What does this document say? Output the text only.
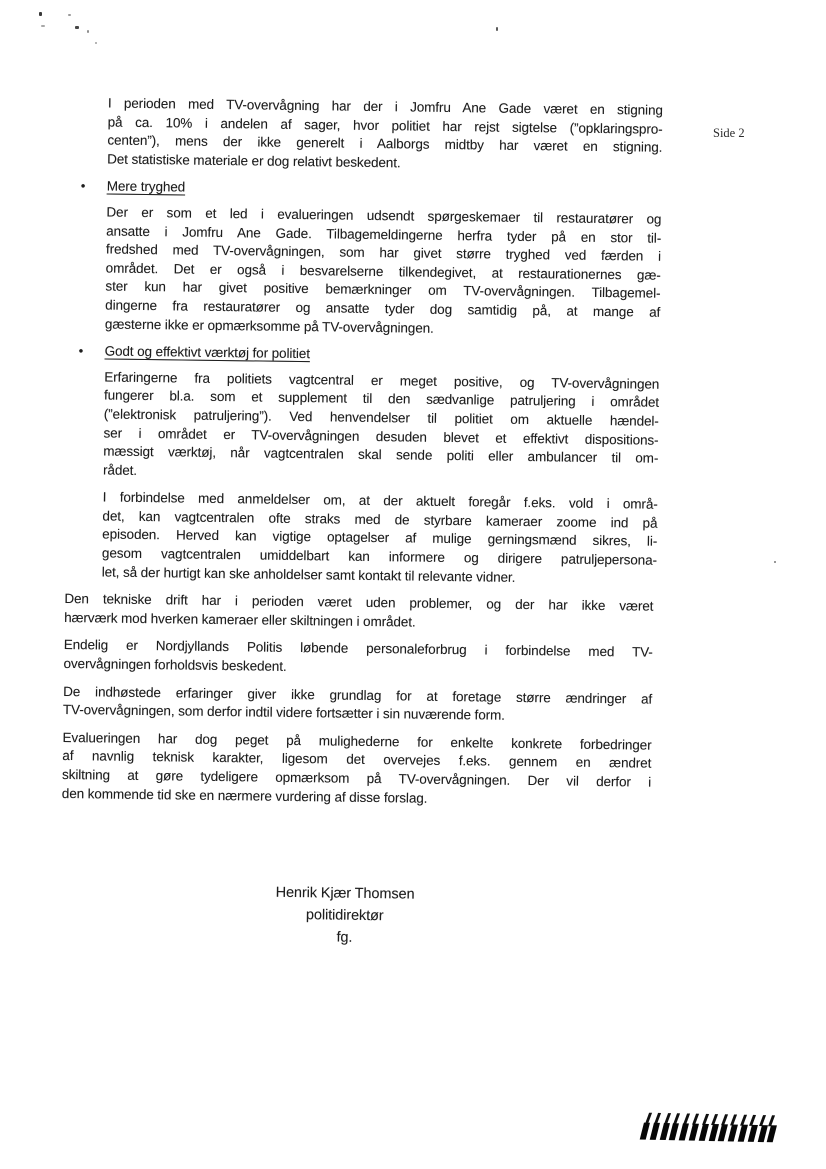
Side 2
I perioden med TV-overvågning har der i Jomfru Ane Gade været en stigning
på ca. 10% i andelen af sager, hvor politiet har rejst sigtelse (”opklaringspro-
centen”), mens der ikke generelt i Aalborgs midtby har været en stigning.
Det statistiske materiale er dog relativt beskedent.
• Mere tryghed
Der er som et led i evalueringen udsendt spørgeskemaer til restauratører og
ansatte i Jomfru Ane Gade. Tilbagemeldingerne herfra tyder på en stor til-
fredshed med TV-overvågningen, som har givet større tryghed ved færden i
området. Det er også i besvarelserne tilkendegivet, at restaurationernes gæ-
ster kun har givet positive bemærkninger om TV-overvågningen. Tilbagemel-
dingerne fra restauratører og ansatte tyder dog samtidig på, at mange af
gæsterne ikke er opmærksomme på TV-overvågningen.
• Godt og effektivt værktøj for politiet
Erfaringerne fra politiets vagtcentral er meget positive, og TV-overvågningen
fungerer bl.a. som et supplement til den sædvanlige patruljering i området
(”elektronisk patruljering”). Ved henvendelser til politiet om aktuelle hændel-
ser i området er TV-overvågningen desuden blevet et effektivt dispositions-
mæssigt værktøj, når vagtcentralen skal sende politi eller ambulancer til om-
rådet.
I forbindelse med anmeldelser om, at der aktuelt foregår f.eks. vold i områ-
det, kan vagtcentralen ofte straks med de styrbare kameraer zoome ind på
episoden. Herved kan vigtige optagelser af mulige gerningsmænd sikres, li-
gesom vagtcentralen umiddelbart kan informere og dirigere patruljepersona-
let, så der hurtigt kan ske anholdelser samt kontakt til relevante vidner.
Den tekniske drift har i perioden været uden problemer, og der har ikke været
hærværk mod hverken kameraer eller skiltningen i området.
Endelig er Nordjyllands Politis løbende personaleforbrug i forbindelse med TV-
overvågningen forholdsvis beskedent.
De indhøstede erfaringer giver ikke grundlag for at foretage større ændringer af
TV-overvågningen, som derfor indtil videre fortsætter i sin nuværende form.
Evalueringen har dog peget på mulighederne for enkelte konkrete forbedringer
af navnlig teknisk karakter, ligesom det overvejes f.eks. gennem en ændret
skiltning at gøre tydeligere opmærksom på TV-overvågningen. Der vil derfor i
den kommende tid ske en nærmere vurdering af disse forslag.
Henrik Kjær Thomsen
politidirektør
fg.
